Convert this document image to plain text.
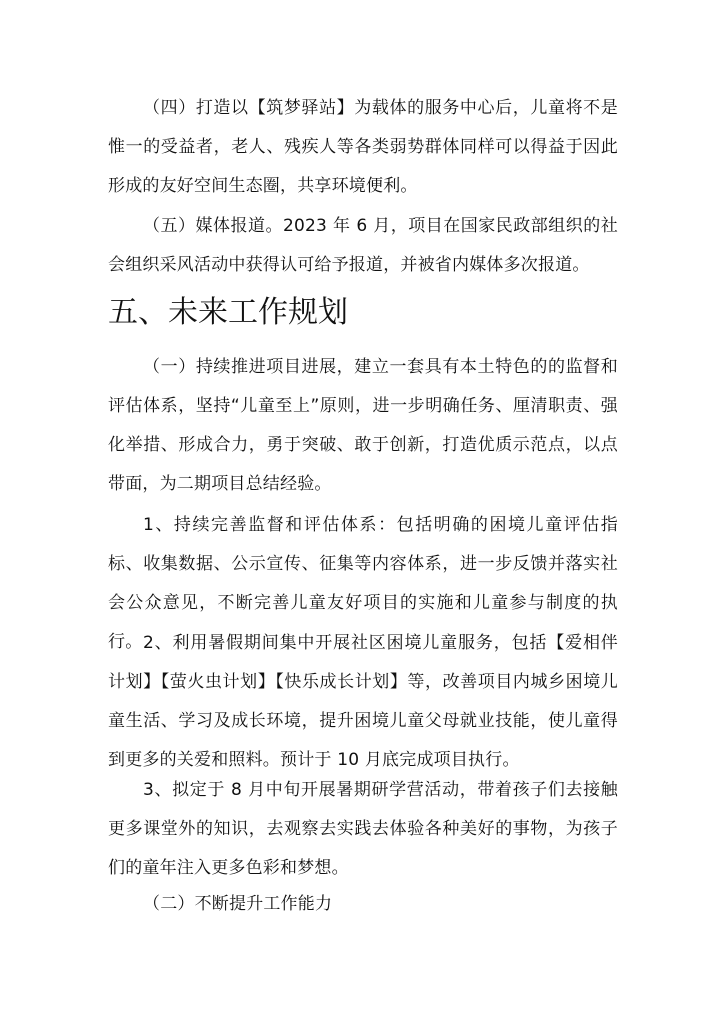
（四）打造以【筑梦驿站】为载体的服务中心后，儿童将不是惟一的受益者，老人、残疾人等各类弱势群体同样可以得益于因此形成的友好空间生态圈，共享环境便利。

（五）媒体报道。2023 年 6 月，项目在国家民政部组织的社会组织采风活动中获得认可给予报道，并被省内媒体多次报道。

五、未来工作规划

（一）持续推进项目进展，建立一套具有本土特色的的监督和评估体系，坚持“儿童至上”原则，进一步明确任务、厘清职责、强化举措、形成合力，勇于突破、敢于创新，打造优质示范点，以点带面，为二期项目总结经验。

1、持续完善监督和评估体系：包括明确的困境儿童评估指标、收集数据、公示宣传、征集等内容体系，进一步反馈并落实社会公众意见，不断完善儿童友好项目的实施和儿童参与制度的执行。 2、利用暑假期间集中开展社区困境儿童服务，包括【爱相伴计划】【萤火虫计划】【快乐成长计划】等，改善项目内城乡困境儿童生活、学习及成长环境，提升困境儿童父母就业技能，使儿童得到更多的关爱和照料。预计于 10 月底完成项目执行。

3、拟定于 8 月中旬开展暑期研学营活动，带着孩子们去接触更多课堂外的知识，去观察去实践去体验各种美好的事物，为孩子们的童年注入更多色彩和梦想。

（二）不断提升工作能力
